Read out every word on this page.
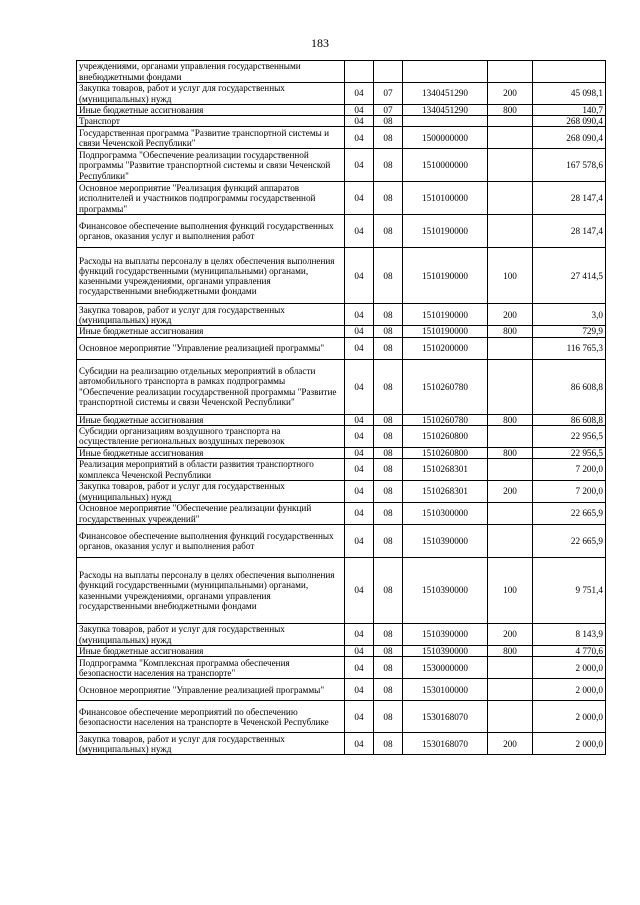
183
учреждениями, органами управления государственными внебюджетными фондами					
Закупка товаров, работ и услуг для государственных (муниципальных) нужд	04	07	1340451290	200	45 098,1
Иные бюджетные ассигнования	04	07	1340451290	800	140,7
Транспорт	04	08			268 090,4
Государственная программа "Развитие транспортной системы и связи Чеченской Республики"	04	08	1500000000		268 090,4
Подпрограмма "Обеспечение реализации государственной программы "Развитие транспортной системы и связи Чеченской Республики"	04	08	1510000000		167 578,6
Основное мероприятие "Реализация функций аппаратов исполнителей и участников подпрограммы государственной программы"	04	08	1510100000		28 147,4
Финансовое обеспечение выполнения функций государственных органов, оказания услуг и выполнения работ	04	08	1510190000		28 147,4
Расходы на выплаты персоналу в целях обеспечения выполнения функций государственными (муниципальными) органами, казенными учреждениями, органами управления государственными внебюджетными фондами	04	08	1510190000	100	27 414,5
Закупка товаров, работ и услуг для государственных (муниципальных) нужд	04	08	1510190000	200	3,0
Иные бюджетные ассигнования	04	08	1510190000	800	729,9
Основное мероприятие "Управление реализацией программы"	04	08	1510200000		116 765,3
Субсидии на реализацию отдельных мероприятий в области автомобильного транспорта в рамках подпрограммы "Обеспечение реализации государственной программы "Развитие транспортной системы и связи Чеченской Республики"	04	08	1510260780		86 608,8
Иные бюджетные ассигнования	04	08	1510260780	800	86 608,8
Субсидии организациям воздушного транспорта на осуществление региональных воздушных перевозок	04	08	1510260800		22 956,5
Иные бюджетные ассигнования	04	08	1510260800	800	22 956,5
Реализация мероприятий в области развития транспортного комплекса Чеченской Республики	04	08	1510268301		7 200,0
Закупка товаров, работ и услуг для государственных (муниципальных) нужд	04	08	1510268301	200	7 200,0
Основное мероприятие "Обеспечение реализации функций государственных учреждений"	04	08	1510300000		22 665,9
Финансовое обеспечение выполнения функций государственных органов, оказания услуг и выполнения работ	04	08	1510390000		22 665,9
Расходы на выплаты персоналу в целях обеспечения выполнения функций государственными (муниципальными) органами, казенными учреждениями, органами управления государственными внебюджетными фондами	04	08	1510390000	100	9 751,4
Закупка товаров, работ и услуг для государственных (муниципальных) нужд	04	08	1510390000	200	8 143,9
Иные бюджетные ассигнования	04	08	1510390000	800	4 770,6
Подпрограмма "Комплексная программа обеспечения безопасности населения на транспорте"	04	08	1530000000		2 000,0
Основное мероприятие "Управление реализацией программы"	04	08	1530100000		2 000,0
Финансовое обеспечение мероприятий по обеспечению безопасности населения на транспорте в Чеченской Республике	04	08	1530168070		2 000,0
Закупка товаров, работ и услуг для государственных (муниципальных) нужд	04	08	1530168070	200	2 000,0
